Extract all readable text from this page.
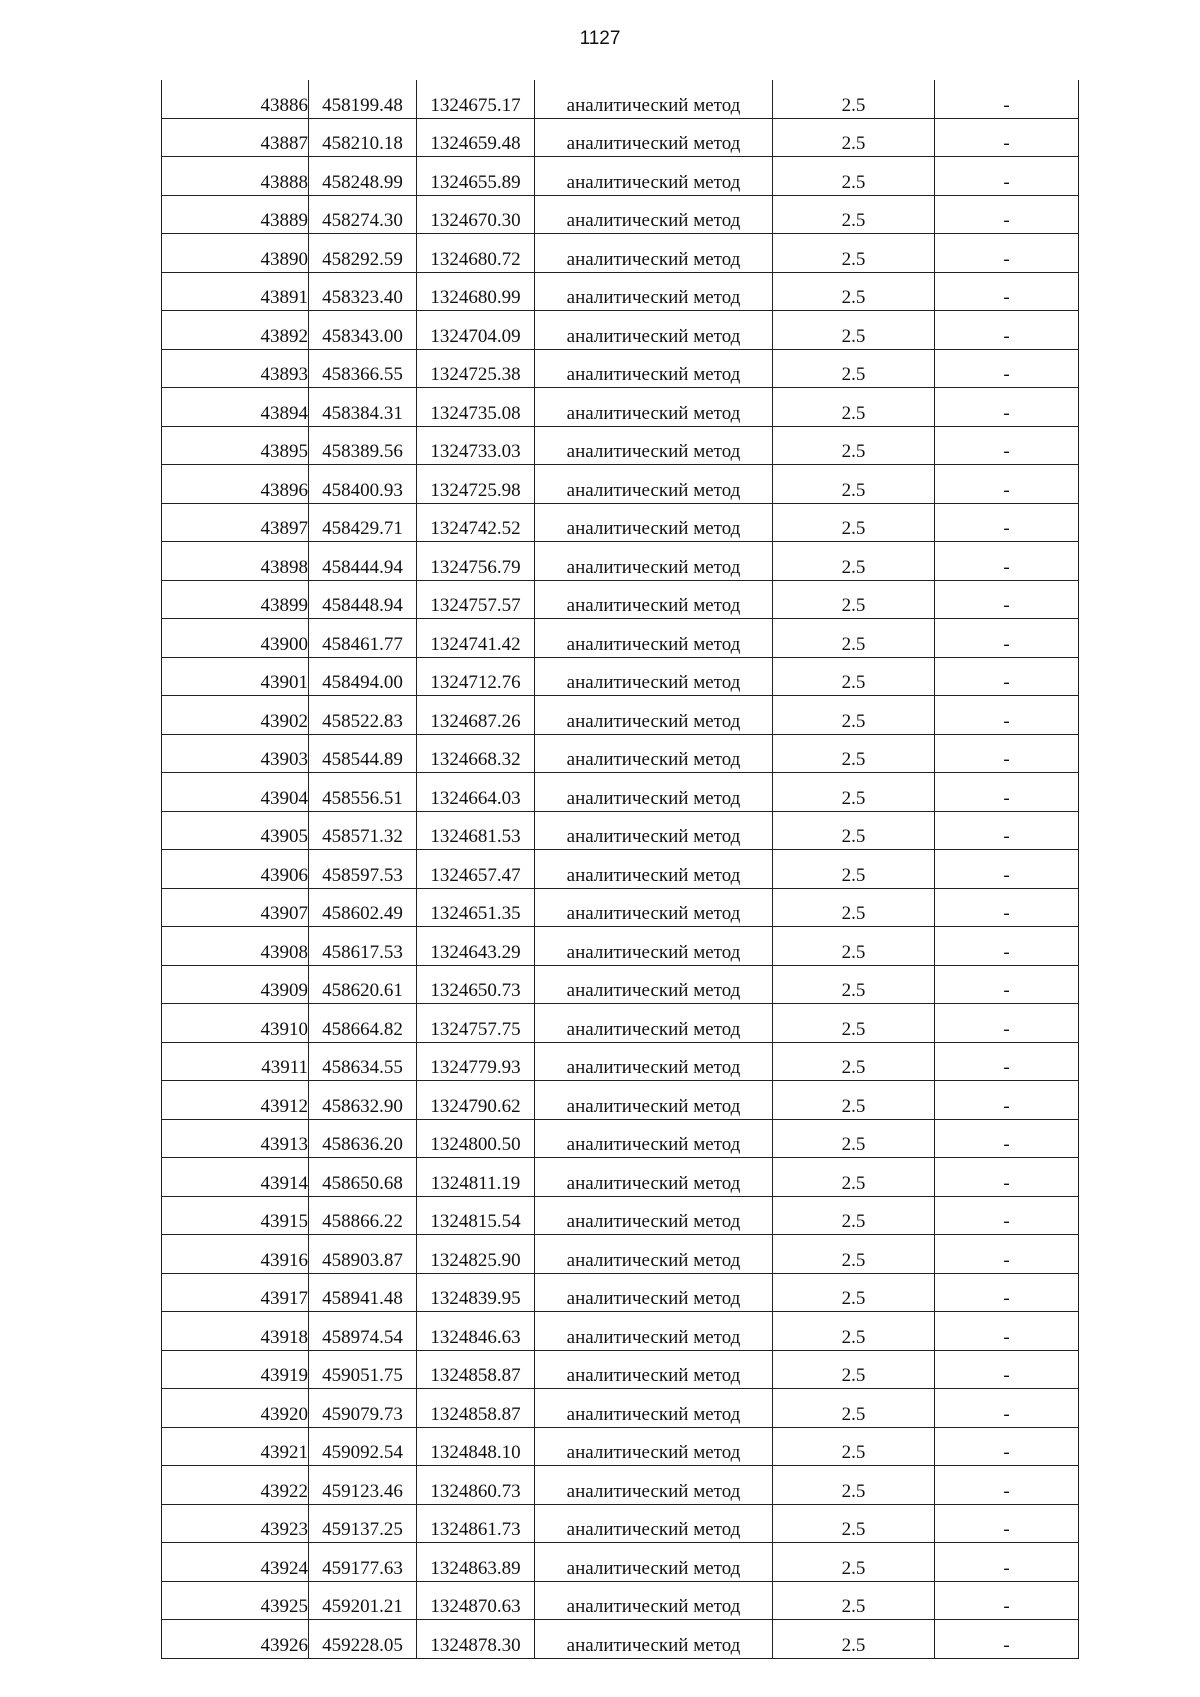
1127
43886	458199.48	1324675.17	аналитический метод	2.5	-
43887	458210.18	1324659.48	аналитический метод	2.5	-
43888	458248.99	1324655.89	аналитический метод	2.5	-
43889	458274.30	1324670.30	аналитический метод	2.5	-
43890	458292.59	1324680.72	аналитический метод	2.5	-
43891	458323.40	1324680.99	аналитический метод	2.5	-
43892	458343.00	1324704.09	аналитический метод	2.5	-
43893	458366.55	1324725.38	аналитический метод	2.5	-
43894	458384.31	1324735.08	аналитический метод	2.5	-
43895	458389.56	1324733.03	аналитический метод	2.5	-
43896	458400.93	1324725.98	аналитический метод	2.5	-
43897	458429.71	1324742.52	аналитический метод	2.5	-
43898	458444.94	1324756.79	аналитический метод	2.5	-
43899	458448.94	1324757.57	аналитический метод	2.5	-
43900	458461.77	1324741.42	аналитический метод	2.5	-
43901	458494.00	1324712.76	аналитический метод	2.5	-
43902	458522.83	1324687.26	аналитический метод	2.5	-
43903	458544.89	1324668.32	аналитический метод	2.5	-
43904	458556.51	1324664.03	аналитический метод	2.5	-
43905	458571.32	1324681.53	аналитический метод	2.5	-
43906	458597.53	1324657.47	аналитический метод	2.5	-
43907	458602.49	1324651.35	аналитический метод	2.5	-
43908	458617.53	1324643.29	аналитический метод	2.5	-
43909	458620.61	1324650.73	аналитический метод	2.5	-
43910	458664.82	1324757.75	аналитический метод	2.5	-
43911	458634.55	1324779.93	аналитический метод	2.5	-
43912	458632.90	1324790.62	аналитический метод	2.5	-
43913	458636.20	1324800.50	аналитический метод	2.5	-
43914	458650.68	1324811.19	аналитический метод	2.5	-
43915	458866.22	1324815.54	аналитический метод	2.5	-
43916	458903.87	1324825.90	аналитический метод	2.5	-
43917	458941.48	1324839.95	аналитический метод	2.5	-
43918	458974.54	1324846.63	аналитический метод	2.5	-
43919	459051.75	1324858.87	аналитический метод	2.5	-
43920	459079.73	1324858.87	аналитический метод	2.5	-
43921	459092.54	1324848.10	аналитический метод	2.5	-
43922	459123.46	1324860.73	аналитический метод	2.5	-
43923	459137.25	1324861.73	аналитический метод	2.5	-
43924	459177.63	1324863.89	аналитический метод	2.5	-
43925	459201.21	1324870.63	аналитический метод	2.5	-
43926	459228.05	1324878.30	аналитический метод	2.5	-
